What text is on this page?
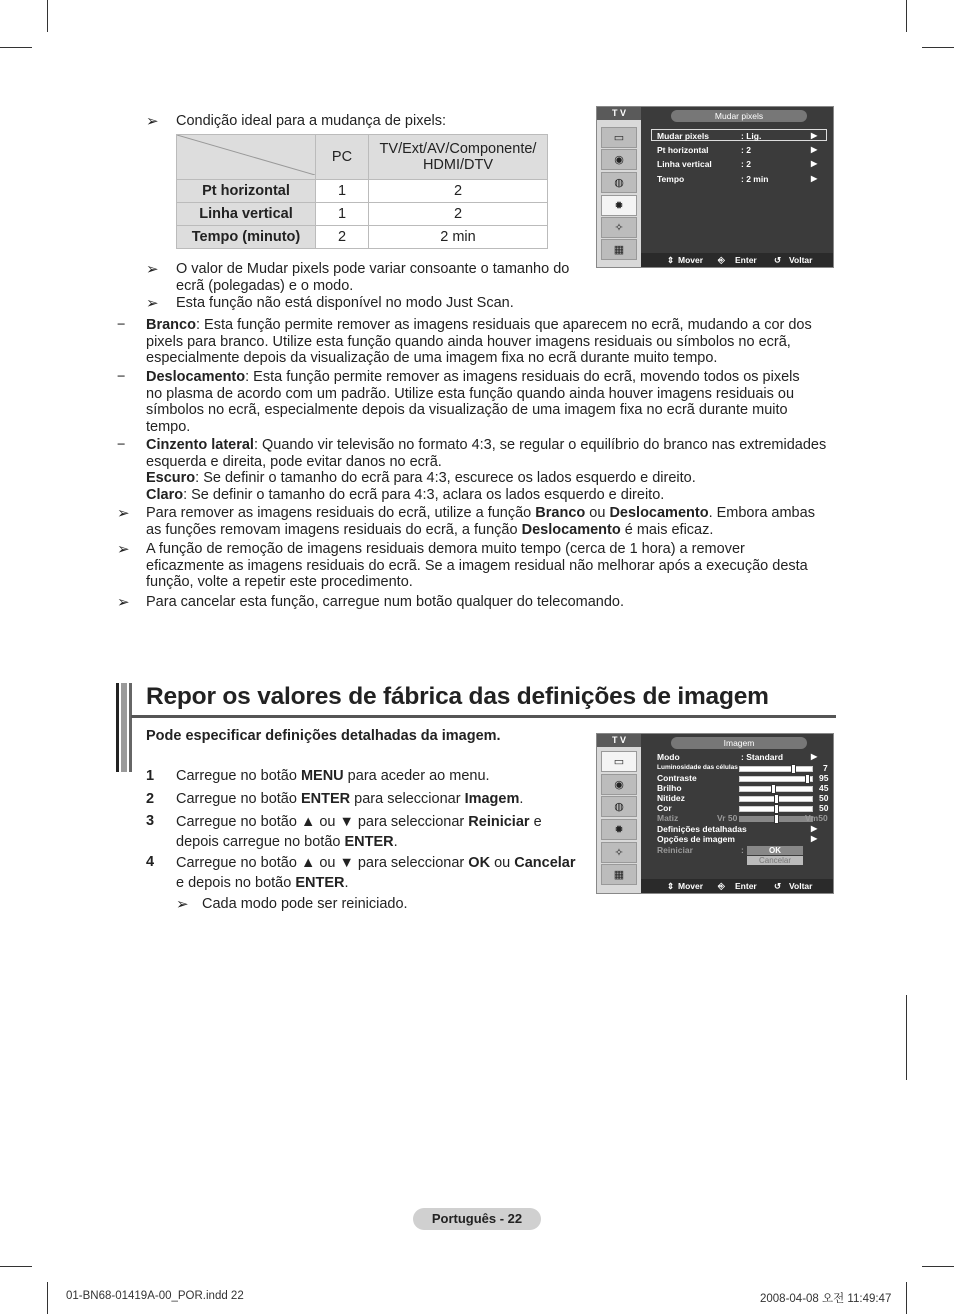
➢ Condição ideal para a mudança de pixels:
	PC	TV/Ext/AV/Componente/
HDMI/DTV
Pt horizontal	1	2
Linha vertical	1	2
Tempo (minuto)	2	2 min
➢ O valor de Mudar pixels pode variar consoante o tamanho do
ecrã (polegadas) e o modo.
➢ Esta função não está disponível no modo Just Scan.
T V
▭
◉
◍
✹
✧
▦
Mudar pixels
Mudar pixels	: Lig.	▶
Pt horizontal	: 2	▶
Linha vertical	: 2	▶
Tempo	: 2 min	▶
⇕ Mover ⎆ Enter ↺ Voltar
− Branco: Esta função permite remover as imagens residuais que aparecem no ecrã, mudando a cor dos
pixels para branco. Utilize esta função quando ainda houver imagens residuais ou símbolos no ecrã,
especialmente depois da visualização de uma imagem fixa no ecrã durante muito tempo.
− Deslocamento: Esta função permite remover as imagens residuais do ecrã, movendo todos os pixels
no plasma de acordo com um padrão. Utilize esta função quando ainda houver imagens residuais ou
símbolos no ecrã, especialmente depois da visualização de uma imagem fixa no ecrã durante muito
tempo.
− Cinzento lateral: Quando vir televisão no formato 4:3, se regular o equilíbrio do branco nas extremidades
esquerda e direita, pode evitar danos no ecrã.
Escuro: Se definir o tamanho do ecrã para 4:3, escurece os lados esquerdo e direito.
Claro: Se definir o tamanho do ecrã para 4:3, aclara os lados esquerdo e direito.
➢ Para remover as imagens residuais do ecrã, utilize a função Branco ou Deslocamento. Embora ambas
as funções removam imagens residuais do ecrã, a função Deslocamento é mais eficaz.
➢ A função de remoção de imagens residuais demora muito tempo (cerca de 1 hora) a remover
eficazmente as imagens residuais do ecrã. Se a imagem residual não melhorar após a execução desta
função, volte a repetir este procedimento.
➢ Para cancelar esta função, carregue num botão qualquer do telecomando.
Repor os valores de fábrica das definições de imagem
Pode especificar definições detalhadas da imagem.
1 Carregue no botão MENU para aceder ao menu.
2 Carregue no botão ENTER para seleccionar Imagem.
3 Carregue no botão ▲ ou ▼ para seleccionar Reiniciar e
depois carregue no botão ENTER.
4 Carregue no botão ▲ ou ▼ para seleccionar OK ou Cancelar
e depois no botão ENTER.
➢ Cada modo pode ser reiniciado.
T V
▭
◉
◍
✹
✧
▦
Imagem
Modo	: Standard	▶
Luminosidade das células	7
Contraste	95
Brilho	45
Nitidez	50
Cor	50
Matiz	Vr 50	Vm50
Definições detalhadas	▶
Opções de imagem	▶
Reiniciar	:	OK
Cancelar
⇕ Mover ⎆ Enter ↺ Voltar
Português - 22
01-BN68-01419A-00_POR.indd 22	2008-04-08 오전 11:49:47
